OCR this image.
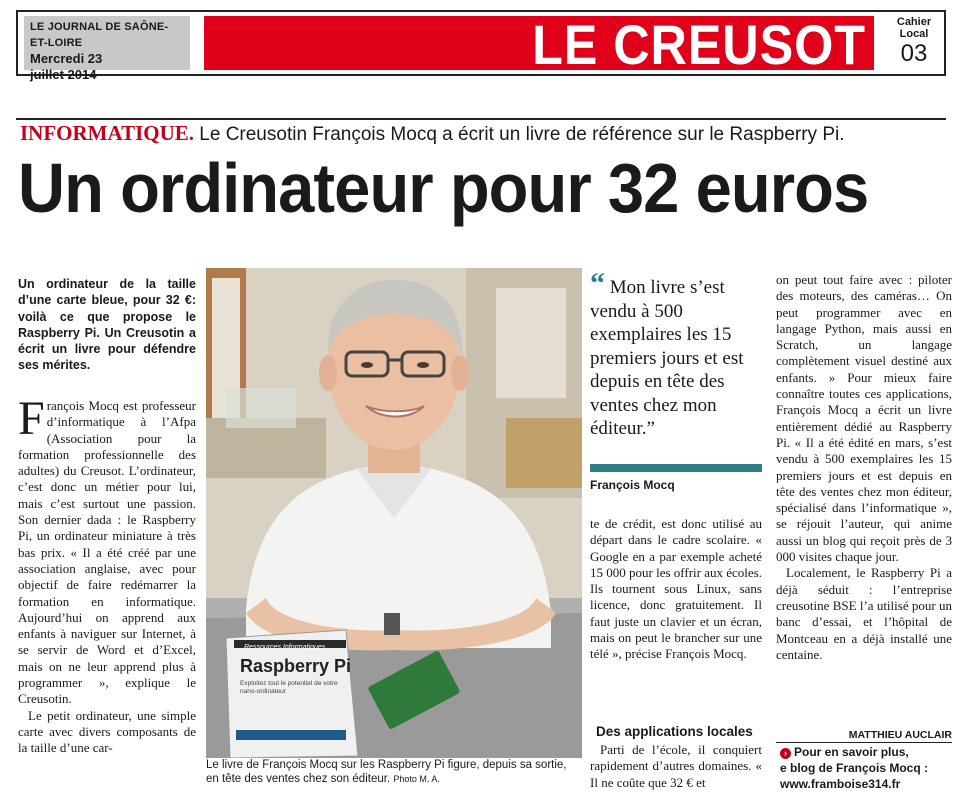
LE JOURNAL DE SAÔNE-ET-LOIRE
Mercredi 23
juillet 2014	LE CREUSOT	Cahier
Local
03
INFORMATIQUE. Le Creusotin François Mocq a écrit un livre de référence sur le Raspberry Pi.
Un ordinateur pour 32 euros
Un ordinateur de la taille d’une carte bleue, pour 32 €: voilà ce que propose le Raspberry Pi. Un Creusotin a écrit un livre pour défendre ses mérites.

François Mocq est professeur d’informatique à l’Afpa (Association pour la formation professionnelle des adultes) du Creusot. L’ordinateur, c’est donc un métier pour lui, mais c’est surtout une passion. Son dernier dada : le Raspberry Pi, un ordinateur miniature à très bas prix. « Il a été créé par une association anglaise, avec pour objectif de faire redémarrer la formation en informatique. Aujourd’hui on apprend aux enfants à naviguer sur Internet, à se servir de Word et d’Excel, mais on ne leur apprend plus à programmer », explique le Creusotin.

Le petit ordinateur, une simple carte avec divers composants de la taille d’une car-

Ressources Informatiques
Raspberry Pi
Exploitez tout le potentiel de votre nano-ordinateur
Le livre de François Mocq sur les Raspberry Pi figure, depuis sa sortie, en tête des ventes chez son éditeur. Photo M. A.
“ Mon livre s’est vendu à 500 exemplaires les 15 premiers jours et est depuis en tête des ventes chez mon éditeur.”
François Mocq

te de crédit, est donc utilisé au départ dans le cadre scolaire. « Google en a par exemple acheté 15 000 pour les offrir aux écoles. Ils tournent sous Linux, sans licence, donc gratuitement. Il faut juste un clavier et un écran, mais on peut le brancher sur une télé », précise François Mocq.

Des applications locales

Parti de l’école, il conquiert rapidement d’autres domaines. « Il ne coûte que 32 € et

on peut tout faire avec : piloter des moteurs, des caméras… On peut programmer avec en langage Python, mais aussi en Scratch, un langage complètement visuel destiné aux enfants. » Pour mieux faire connaître toutes ces applications, François Mocq a écrit un livre entièrement dédié au Raspberry Pi. « Il a été édité en mars, s’est vendu à 500 exemplaires les 15 premiers jours et est depuis en tête des ventes chez mon éditeur, spécialisé dans l’informatique », se réjouit l’auteur, qui anime aussi un blog qui reçoit près de 3 000 visites chaque jour.

Localement, le Raspberry Pi a déjà séduit : l’entreprise creusotine BSE l’a utilisé pour un banc d’essai, et l’hôpital de Montceau en a déjà installé une centaine.

MATTHIEU AUCLAIR
› Pour en savoir plus,
e blog de François Mocq :
www.framboise314.fr
